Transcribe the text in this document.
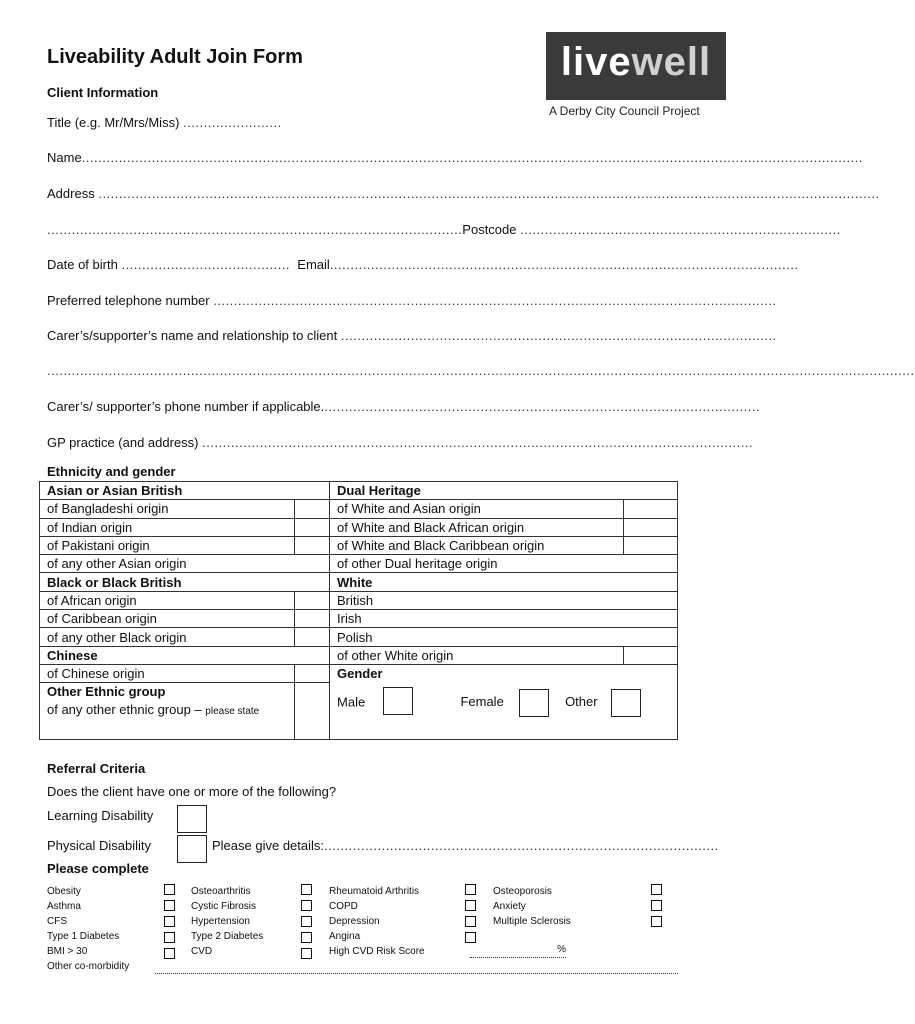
Liveability Adult Join Form
Client Information
livewell
A Derby City Council Project
Title (e.g. Mr/Mrs/Miss) ........................
Name..............................................................................................................................................................................................
Address ..............................................................................................................................................................................................
.....................................................................................................Postcode ..............................................................................
Date of birth ......................................... Email..................................................................................................................
Preferred telephone number .........................................................................................................................................
Carer’s/supporter’s name and relationship to client ..........................................................................................................
...................................................................................................................................................................................................................
Carer’s/ supporter’s phone number if applicable...........................................................................................................
GP practice (and address) ......................................................................................................................................
Ethnicity and gender
Asian or Asian British		Dual Heritage	
of Bangladeshi origin		of White and Asian origin	
of Indian origin		of White and Black African origin	
of Pakistani origin		of White and Black Caribbean origin	
of any other Asian origin		of other Dual heritage origin	
Black or Black British		White	
of African origin		British	
of Caribbean origin		Irish	
of any other Black origin		Polish	
Chinese		of other White origin	
of Chinese origin		Gender	

Other Ethnic group
of any other ethnic group – please state		Male Female Other	
Referral Criteria
Does the client have one or more of the following?
Learning Disability
Physical Disability	Please give details:................................................................................................
Please complete
Obesity
Asthma
CFS
Type 1 Diabetes
BMI > 30
Other co-morbidity
Osteoarthritis
Cystic Fibrosis
Hypertension
Type 2 Diabetes
CVD
Rheumatoid Arthritis
COPD
Depression
Angina
High CVD Risk Score
Osteoporosis
Anxiety
Multiple Sclerosis
%
